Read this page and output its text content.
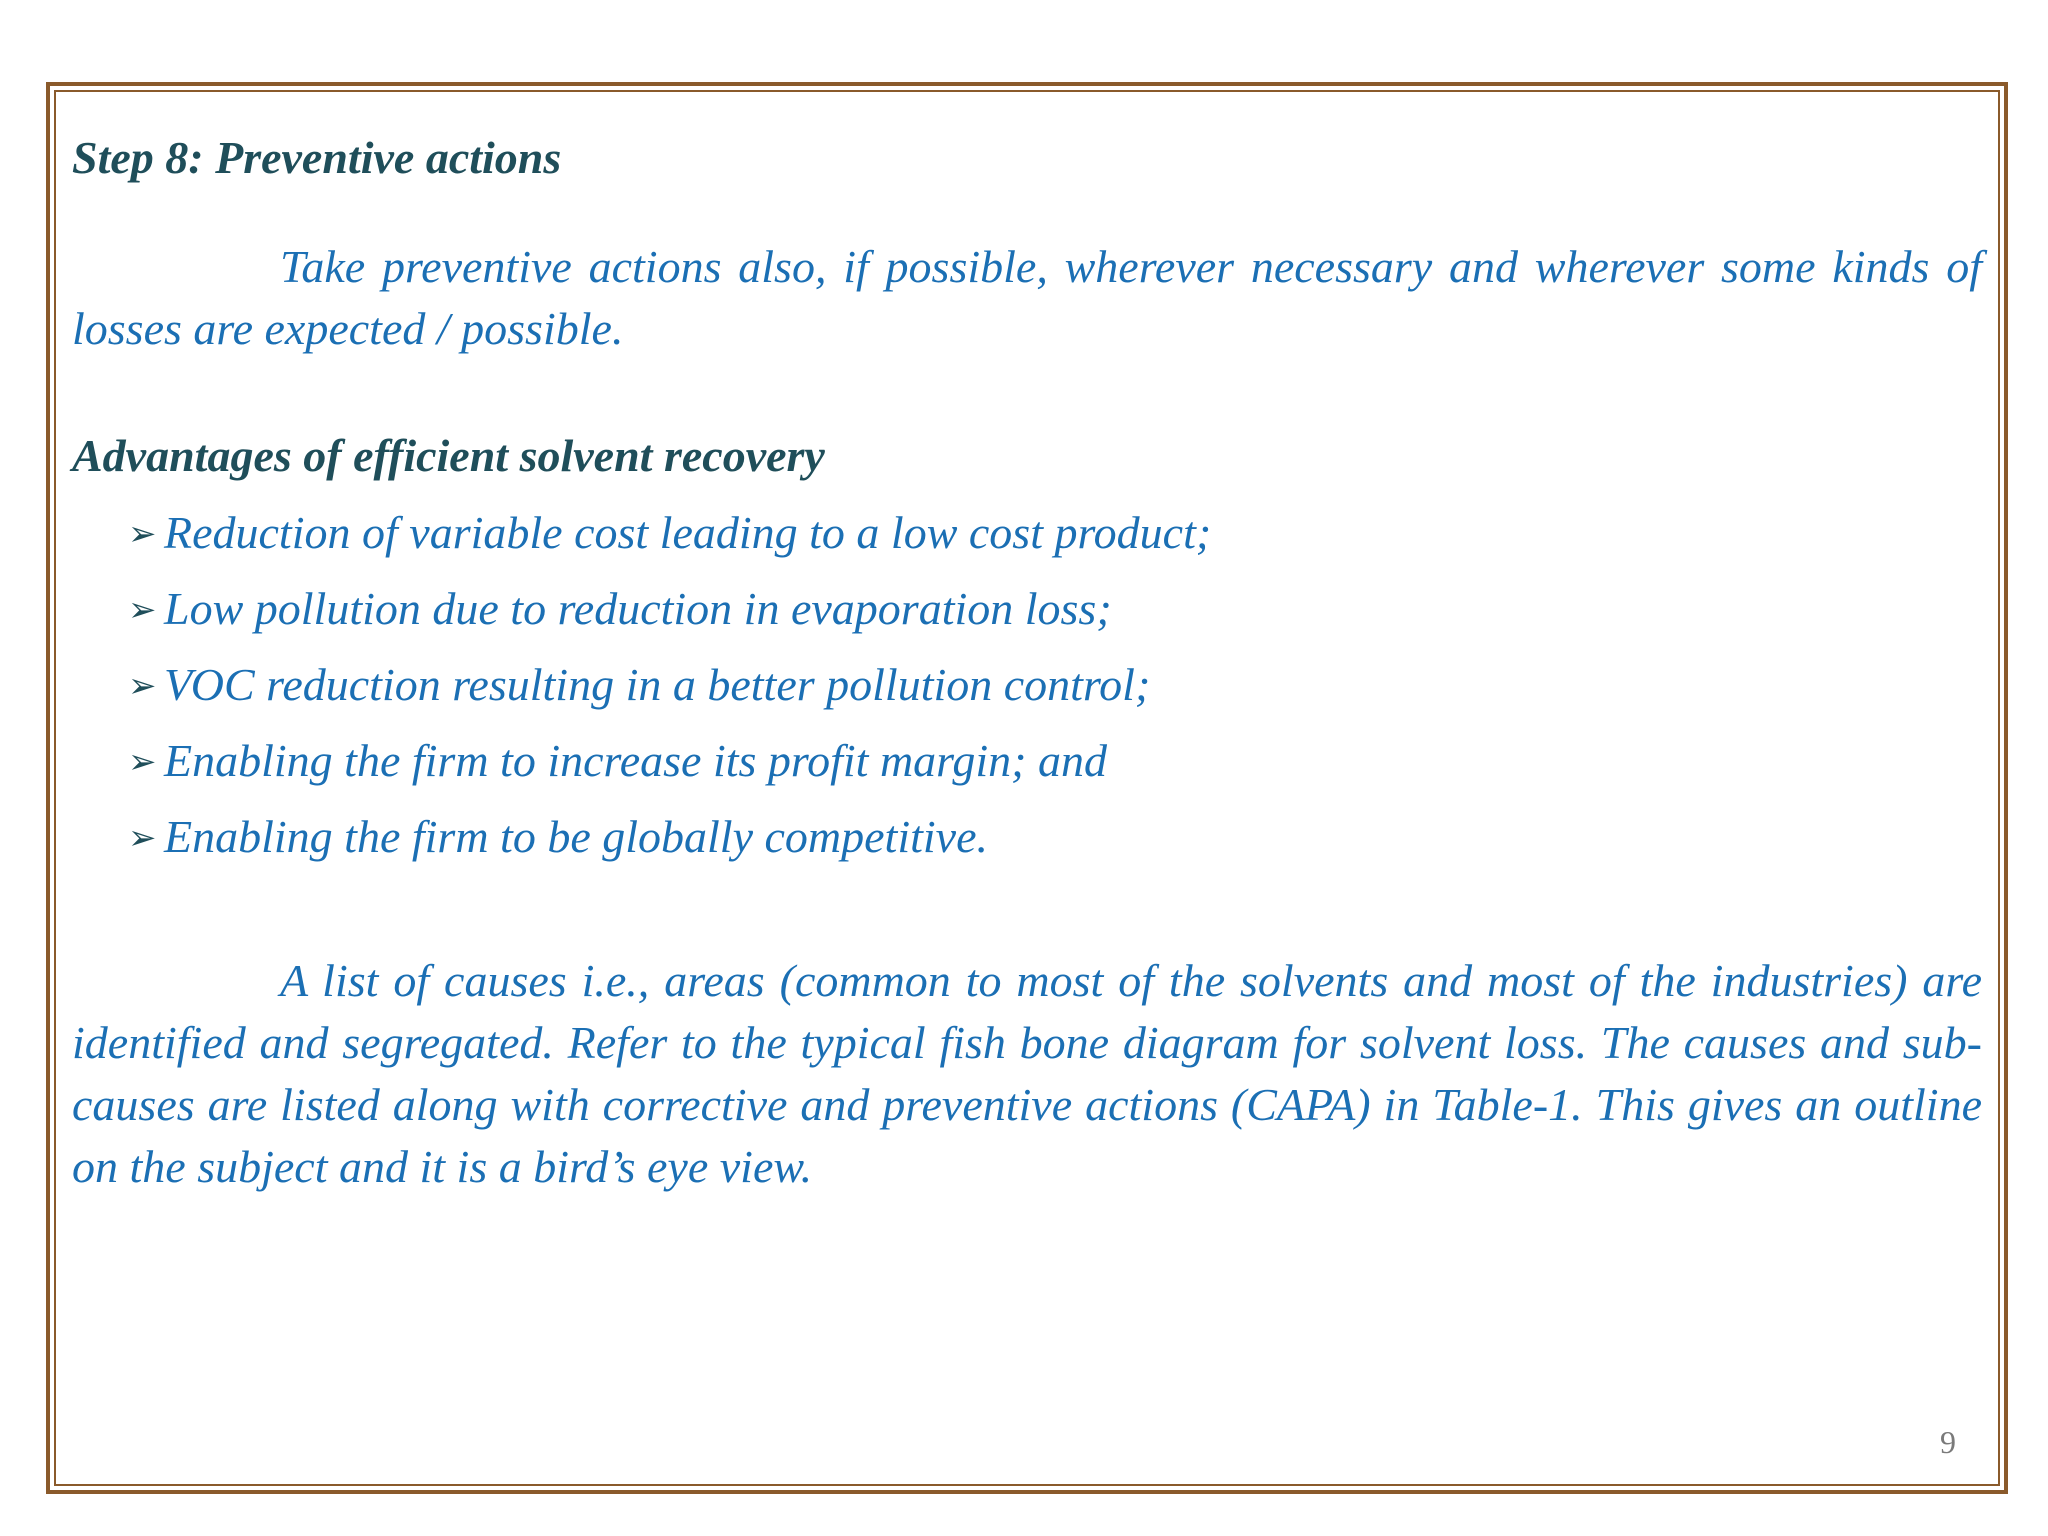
Step 8: Preventive actions

Take preventive actions also, if possible, wherever necessary and wherever some kinds of losses are expected / possible.

Advantages of efficient solvent recovery

➢ Reduction of variable cost leading to a low cost product;
➢ Low pollution due to reduction in evaporation loss;
➢ VOC reduction resulting in a better pollution control;
➢ Enabling the firm to increase its profit margin; and
➢ Enabling the firm to be globally competitive.

A list of causes i.e., areas (common to most of the solvents and most of the industries) are identified and segregated. Refer to the typical fish bone diagram for solvent loss. The causes and sub-causes are listed along with corrective and preventive actions (CAPA) in Table-1. This gives an outline on the subject and it is a bird’s eye view.

9
